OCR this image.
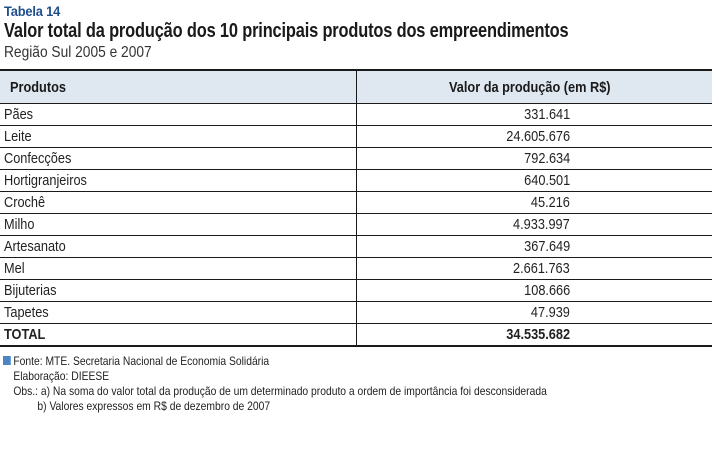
Tabela 14
Valor total da produção dos 10 principais produtos dos empreendimentos
Região Sul 2005 e 2007
Produtos	Valor da produção (em R$)
Pães	331.641
Leite	24.605.676
Confecções	792.634
Hortigranjeiros	640.501
Crochê	45.216
Milho	4.933.997
Artesanato	367.649
Mel	2.661.763
Bijuterias	108.666
Tapetes	47.939
TOTAL	34.535.682
Fonte: MTE. Secretaria Nacional de Economia Solidária
Elaboração: DIEESE
Obs.: a) Na soma do valor total da produção de um determinado produto a ordem de importância foi desconsiderada
b) Valores expressos em R$ de dezembro de 2007
